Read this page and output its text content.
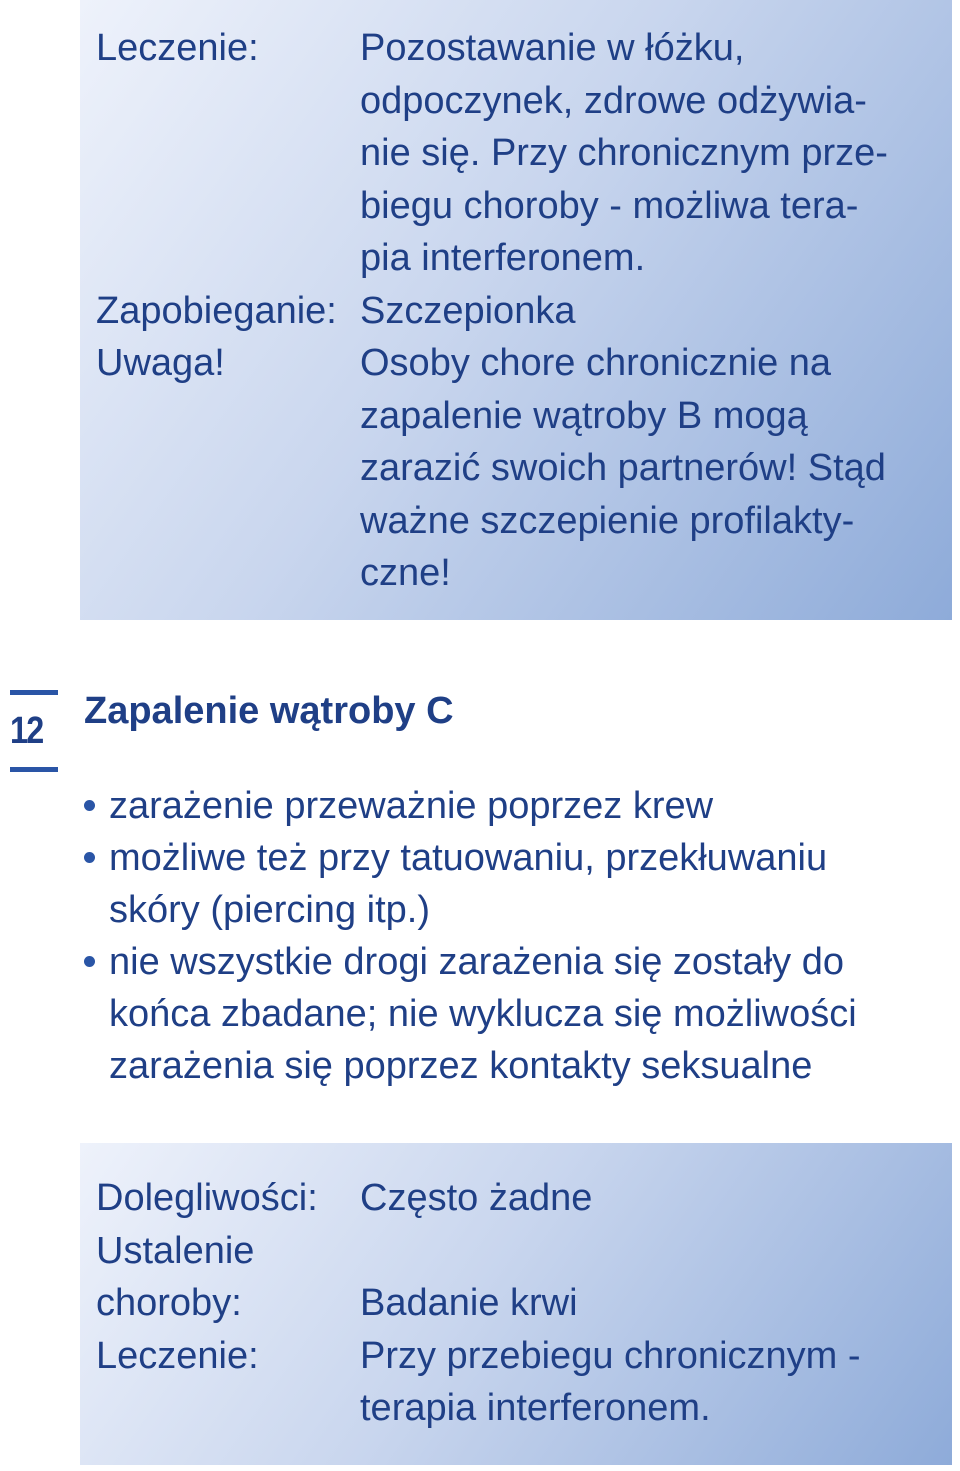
Leczenie:	Pozostawanie w łóżku,
odpoczynek, zdrowe odżywia-
nie się. Przy chronicznym prze-
biegu choroby - możliwa tera-
pia interferonem.
Zapobieganie: Szczepionka
Uwaga!	Osoby chore chronicznie na
zapalenie wątroby B mogą
zarazić swoich partnerów! Stąd
ważne szczepienie profilakty-
czne!
12 Zapalenie wątroby C
zarażenie przeważnie poprzez krew
możliwe też przy tatuowaniu, przekłuwaniu
skóry (piercing itp.)
nie wszystkie drogi zarażenia się zostały do
końca zbadane; nie wyklucza się możliwości
zarażenia się poprzez kontakty seksualne
Dolegliwości: Często żadne
Ustalenie
choroby:
	Badanie krwi
Leczenie:	Przy przebiegu chronicznym -
terapia interferonem.
